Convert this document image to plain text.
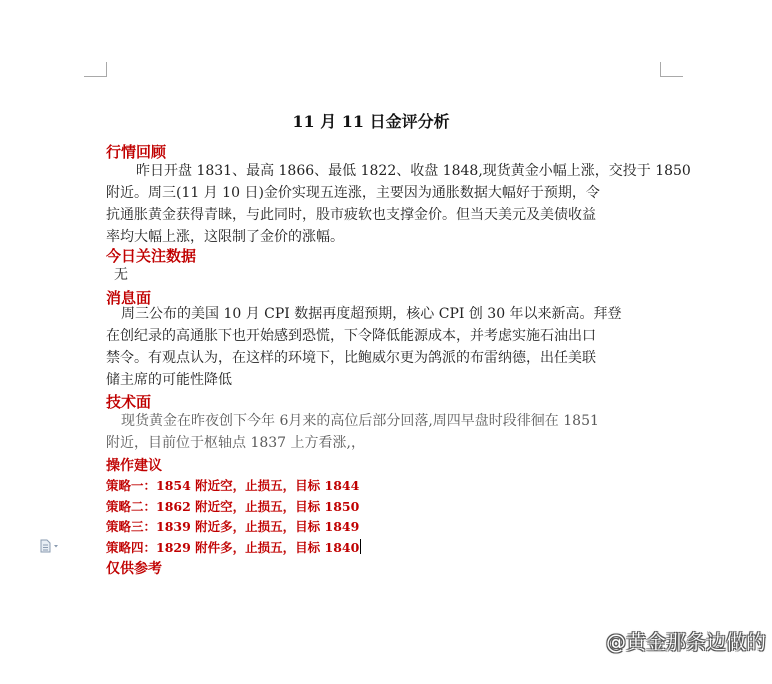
11 月 11 日金评分析
行情回顾
昨日开盘 1831、最高 1866、最低 1822、收盘 1848,现货黄金小幅上涨，交投于 1850
附近。周三(11 月 10 日)金价实现五连涨，主要因为通胀数据大幅好于预期，令
抗通胀黄金获得青睐，与此同时，股市疲软也支撑金价。但当天美元及美债收益
率均大幅上涨，这限制了金价的涨幅。
今日关注数据
无
消息面
周三公布的美国 10 月 CPI 数据再度超预期，核心 CPI 创 30 年以来新高。拜登
在创纪录的高通胀下也开始感到恐慌，下令降低能源成本，并考虑实施石油出口
禁令。有观点认为，在这样的环境下，比鲍威尔更为鸽派的布雷纳德，出任美联
储主席的可能性降低
技术面
现货黄金在昨夜创下今年 6月来的高位后部分回落,周四早盘时段徘徊在 1851
附近，目前位于枢轴点 1837 上方看涨,，
操作建议
策略一：1854 附近空，止损五，目标 1844
策略二：1862 附近空，止损五，目标 1850
策略三：1839 附近多，止损五，目标 1849
策略四：1829 附件多，止损五，目标 1840
仅供参考
@黄金那条边做的
